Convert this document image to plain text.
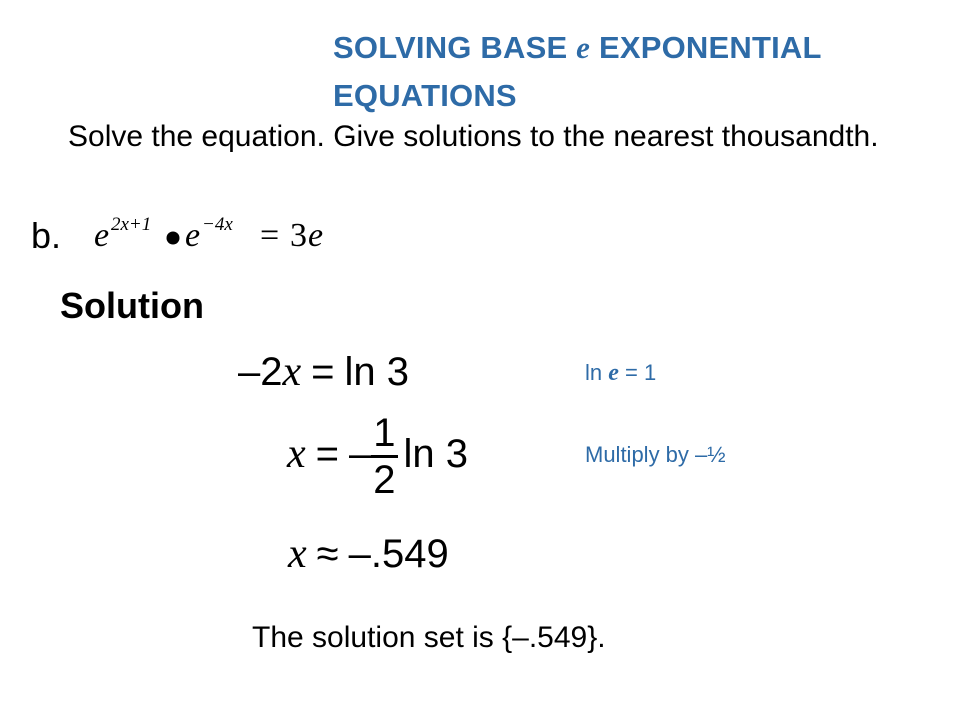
SOLVING BASE e EXPONENTIAL
EQUATIONS
Solve the equation. Give solutions to the nearest thousandth.
b. e 2x+1 e −4x = 3 e
Solution
–2x = ln 3
x = – $\frac{1}{2}$ ln 3
x ≈ –.549
ln e = 1
Multiply by –½
The solution set is {–.549}.
